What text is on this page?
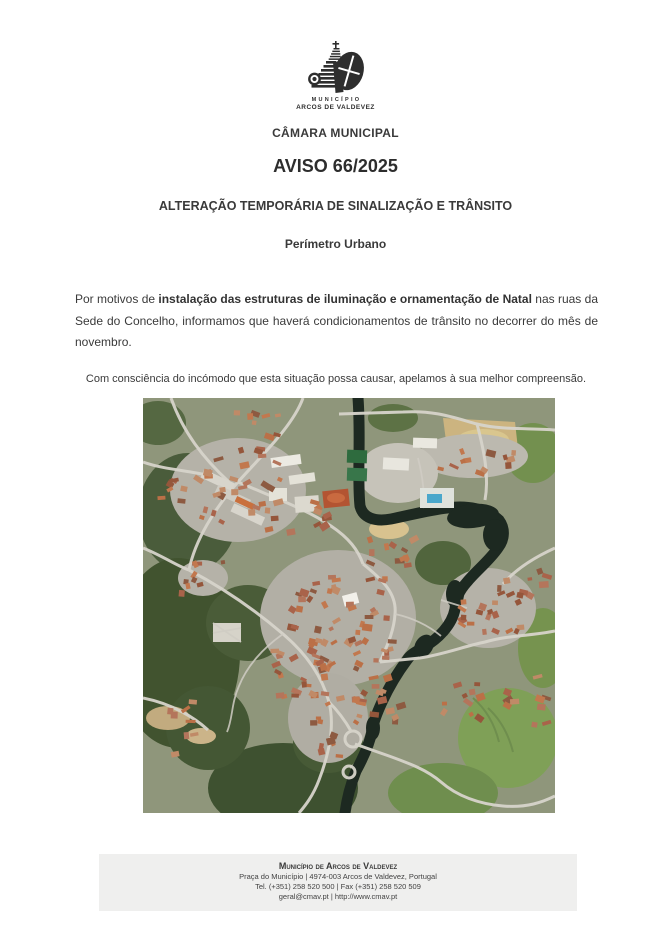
MUNICÍPIO
ARCOS DE VALDEVEZ
CÂMARA MUNICIPAL
AVISO 66/2025
ALTERAÇÃO TEMPORÁRIA DE SINALIZAÇÃO E TRÂNSITO
Perímetro Urbano

Por motivos de instalação das estruturas de iluminação e ornamentação de Natal nas ruas da Sede do Concelho, informamos que haverá condicionamentos de trânsito no decorrer do mês de novembro.

Com consciência do incómodo que esta situação possa causar, apelamos à sua melhor compreensão.

Município de Arcos de Valdevez
Praça do Município | 4974-003 Arcos de Valdevez, Portugal
Tel. (+351) 258 520 500 | Fax (+351) 258 520 509
geral@cmav.pt | http://www.cmav.pt
